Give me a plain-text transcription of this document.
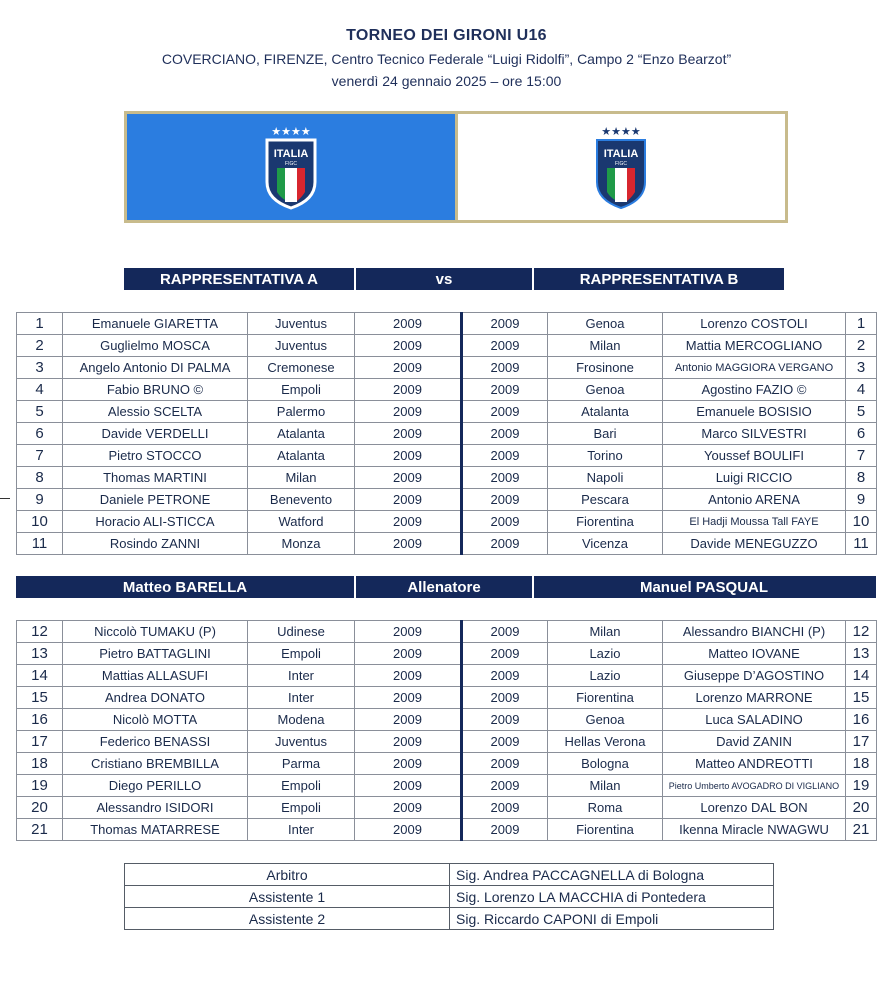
TORNEO DEI GIRONI U16
COVERCIANO, FIRENZE, Centro Tecnico Federale “Luigi Ridolfi”, Campo 2 “Enzo Bearzot”
venerdì 24 gennaio 2025 – ore 15:00
★★★★
ITALIA
FIGC
★★★★
ITALIA
FIGC
RAPPRESENTATIVA A	vs	RAPPRESENTATIVA B
1	Emanuele GIARETTA	Juventus	2009	2009	Genoa	Lorenzo COSTOLI	1
2	Guglielmo MOSCA	Juventus	2009	2009	Milan	Mattia MERCOGLIANO	2
3	Angelo Antonio DI PALMA	Cremonese	2009	2009	Frosinone	Antonio MAGGIORA VERGANO	3
4	Fabio BRUNO ©	Empoli	2009	2009	Genoa	Agostino FAZIO ©	4
5	Alessio SCELTA	Palermo	2009	2009	Atalanta	Emanuele BOSISIO	5
6	Davide VERDELLI	Atalanta	2009	2009	Bari	Marco SILVESTRI	6
7	Pietro STOCCO	Atalanta	2009	2009	Torino	Youssef BOULIFI	7
8	Thomas MARTINI	Milan	2009	2009	Napoli	Luigi RICCIO	8
9	Daniele PETRONE	Benevento	2009	2009	Pescara	Antonio ARENA	9
10	Horacio ALI-STICCA	Watford	2009	2009	Fiorentina	El Hadji Moussa Tall FAYE	10
11	Rosindo ZANNI	Monza	2009	2009	Vicenza	Davide MENEGUZZO	11
Matteo BARELLA	Allenatore	Manuel PASQUAL
12	Niccolò TUMAKU (P)	Udinese	2009	2009	Milan	Alessandro BIANCHI (P)	12
13	Pietro BATTAGLINI	Empoli	2009	2009	Lazio	Matteo IOVANE	13
14	Mattias ALLASUFI	Inter	2009	2009	Lazio	Giuseppe D’AGOSTINO	14
15	Andrea DONATO	Inter	2009	2009	Fiorentina	Lorenzo MARRONE	15
16	Nicolò MOTTA	Modena	2009	2009	Genoa	Luca SALADINO	16
17	Federico BENASSI	Juventus	2009	2009	Hellas Verona	David ZANIN	17
18	Cristiano BREMBILLA	Parma	2009	2009	Bologna	Matteo ANDREOTTI	18
19	Diego PERILLO	Empoli	2009	2009	Milan	Pietro Umberto AVOGADRO DI VIGLIANO	19
20	Alessandro ISIDORI	Empoli	2009	2009	Roma	Lorenzo DAL BON	20
21	Thomas MATARRESE	Inter	2009	2009	Fiorentina	Ikenna Miracle NWAGWU	21
Arbitro	Sig. Andrea PACCAGNELLA di Bologna
Assistente 1	Sig. Lorenzo LA MACCHIA di Pontedera
Assistente 2	Sig. Riccardo CAPONI di Empoli
